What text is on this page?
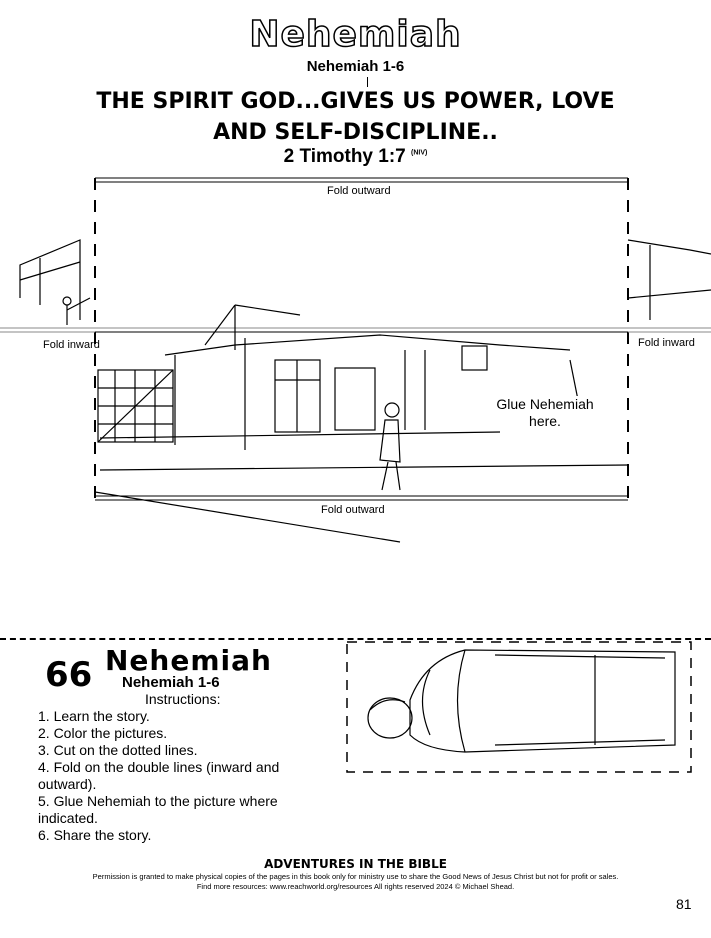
Nehemiah
Nehemiah 1-6
THE SPIRIT GOD...GIVES US POWER, LOVE
AND SELF-DISCIPLINE..
2 Timothy 1:7 $^{(NIV)}$
Fold outward
Fold inward	Fold inward
Fold outward
Glue Nehemiah
here.
66 Nehemiah
Nehemiah 1-6
Instructions:
1. Learn the story.
2. Color the pictures.
3. Cut on the dotted lines.
4. Fold on the double lines (inward and
outward).
5. Glue Nehemiah to the picture where
indicated.
6. Share the story.
ADVENTURES IN THE BIBLE
Permission is granted to make physical copies of the pages in this book only for ministry use to share the Good News of Jesus Christ but not for profit or sales.
Find more resources: www.reachworld.org/resources All rights reserved 2024 © Michael Shead.
81
